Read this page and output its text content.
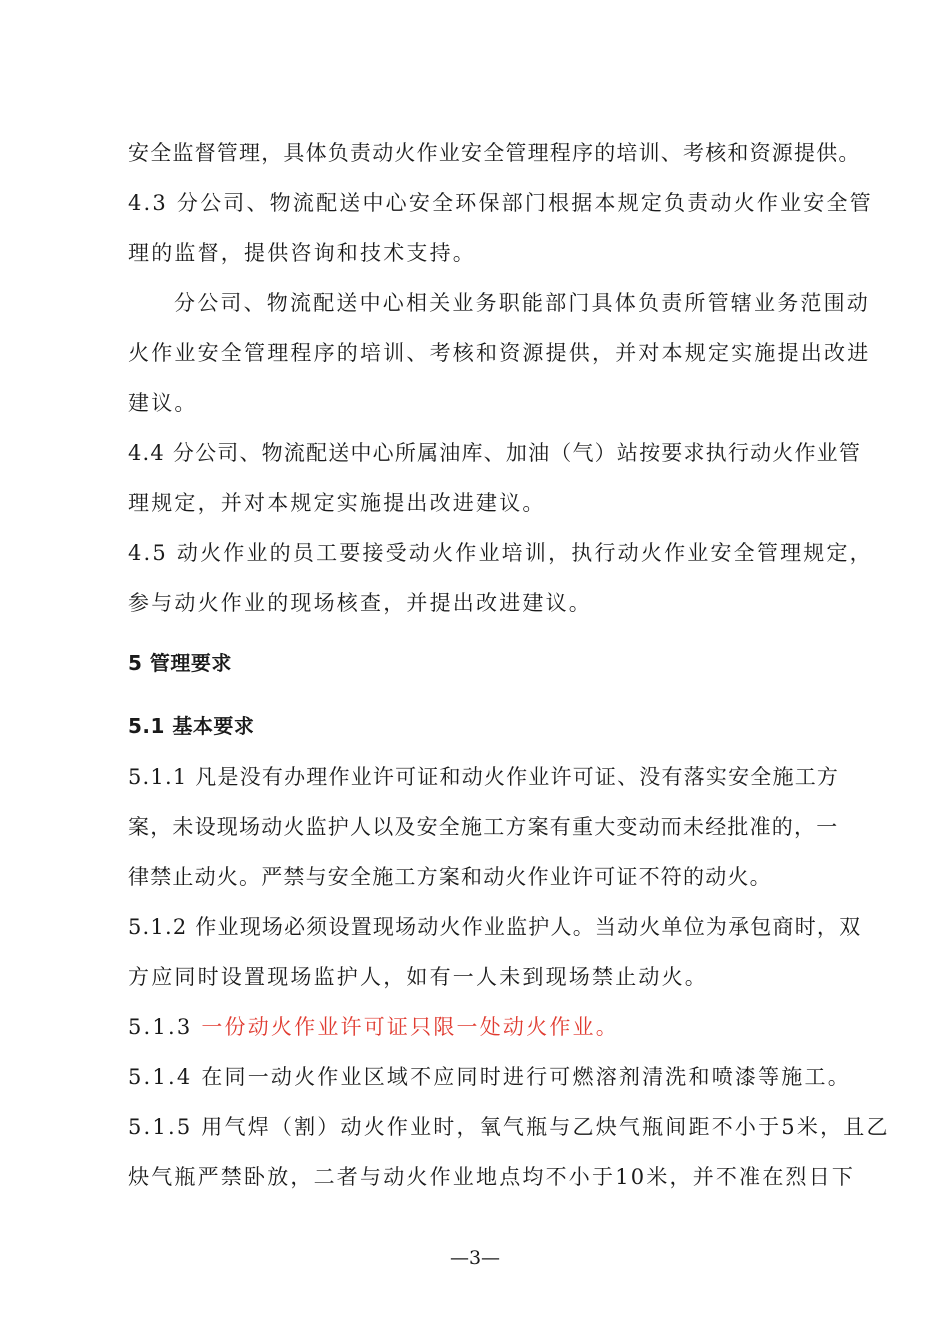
安全监督管理，具体负责动火作业安全管理程序的培训、考核和资源提供。
4.3 分公司、物流配送中心安全环保部门根据本规定负责动火作业安全管
理的监督，提供咨询和技术支持。
分公司、物流配送中心相关业务职能部门具体负责所管辖业务范围动
火作业安全管理程序的培训、考核和资源提供，并对本规定实施提出改进
建议。
4.4 分公司、物流配送中心所属油库、加油（气）站按要求执行动火作业管
理规定，并对本规定实施提出改进建议。
4.5 动火作业的员工要接受动火作业培训，执行动火作业安全管理规定，
参与动火作业的现场核查，并提出改进建议。
5 管理要求
5.1 基本要求
5.1.1 凡是没有办理作业许可证和动火作业许可证、没有落实安全施工方
案，未设现场动火监护人以及安全施工方案有重大变动而未经批准的，一
律禁止动火。严禁与安全施工方案和动火作业许可证不符的动火。
5.1.2 作业现场必须设置现场动火作业监护人。当动火单位为承包商时，双
方应同时设置现场监护人，如有一人未到现场禁止动火。
5.1.3 一份动火作业许可证只限一处动火作业。
5.1.4 在同一动火作业区域不应同时进行可燃溶剂清洗和喷漆等施工。
5.1.5 用气焊（割）动火作业时，氧气瓶与乙炔气瓶间距不小于5米，且乙
炔气瓶严禁卧放，二者与动火作业地点均不小于10米，并不准在烈日下
—3—
